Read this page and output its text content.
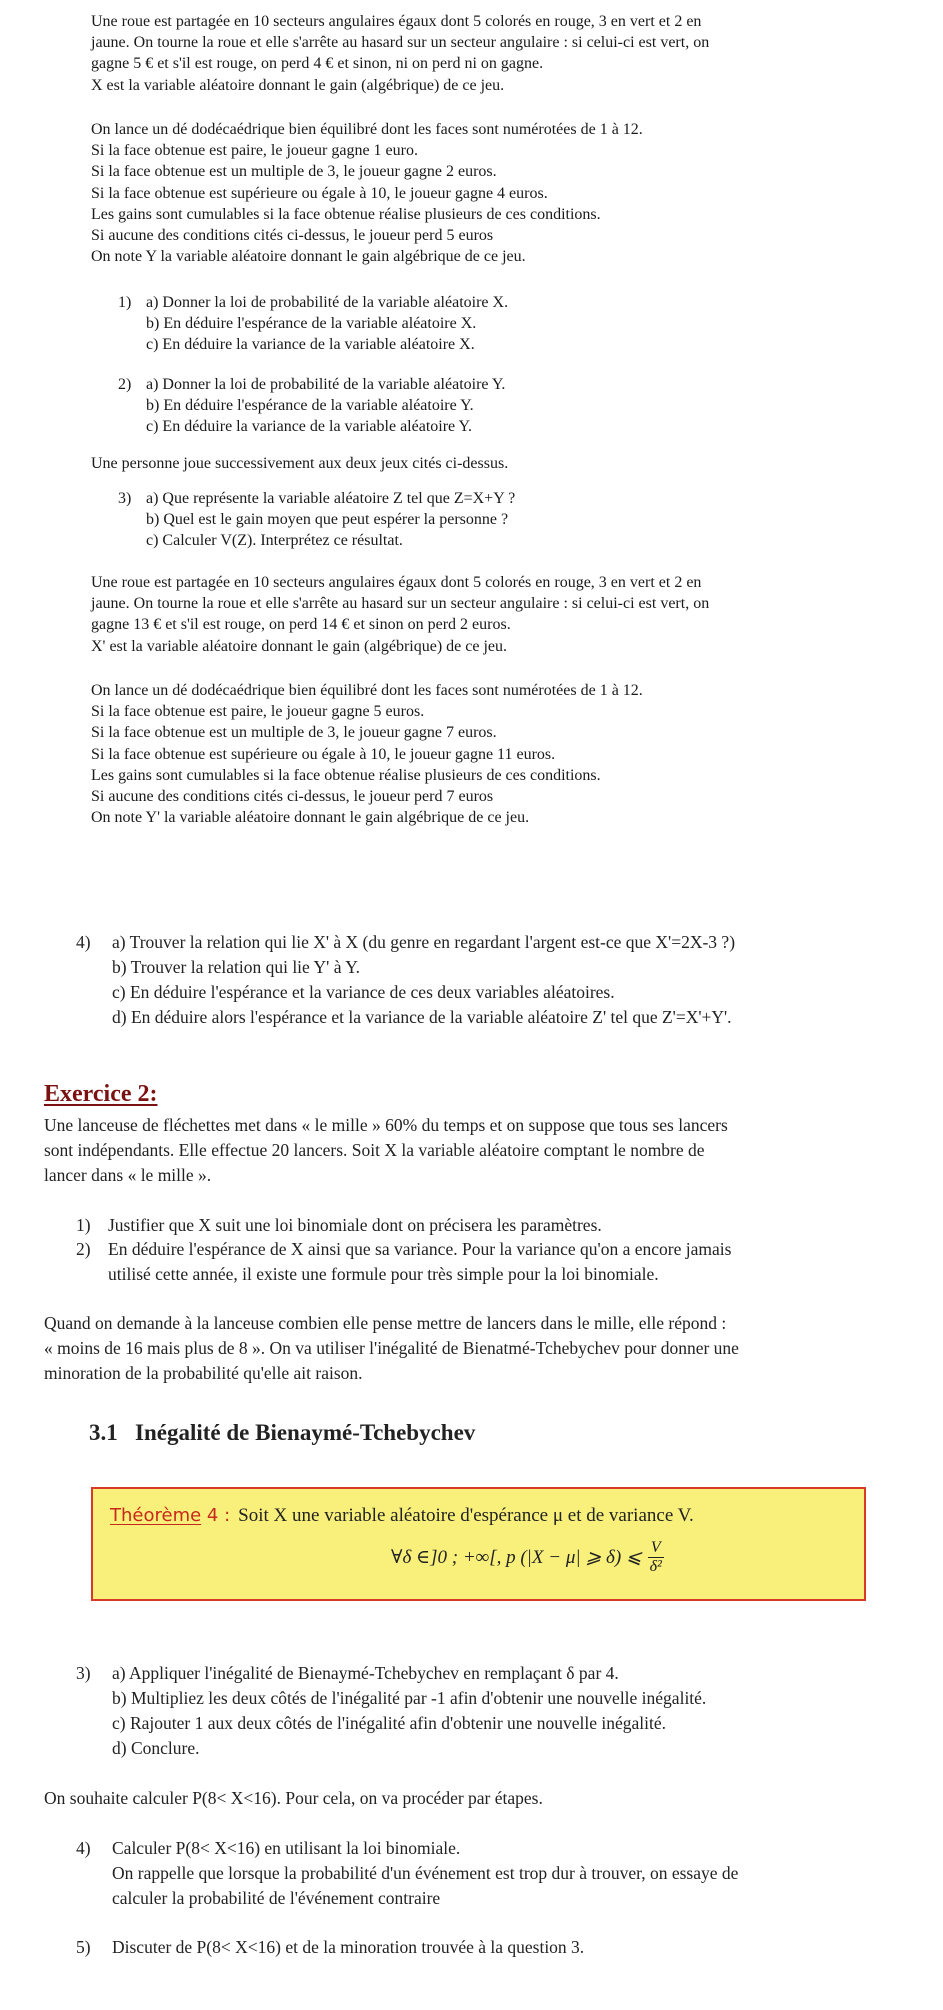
Une roue est partagée en 10 secteurs angulaires égaux dont 5 colorés en rouge, 3 en vert et 2 en
jaune. On tourne la roue et elle s'arrête au hasard sur un secteur angulaire : si celui-ci est vert, on
gagne 5 € et s'il est rouge, on perd 4 € et sinon, ni on perd ni on gagne.
X est la variable aléatoire donnant le gain (algébrique) de ce jeu.
On lance un dé dodécaédrique bien équilibré dont les faces sont numérotées de 1 à 12.
Si la face obtenue est paire, le joueur gagne 1 euro.
Si la face obtenue est un multiple de 3, le joueur gagne 2 euros.
Si la face obtenue est supérieure ou égale à 10, le joueur gagne 4 euros.
Les gains sont cumulables si la face obtenue réalise plusieurs de ces conditions.
Si aucune des conditions cités ci-dessus, le joueur perd 5 euros
On note Y la variable aléatoire donnant le gain algébrique de ce jeu.
1) a) Donner la loi de probabilité de la variable aléatoire X.
b) En déduire l'espérance de la variable aléatoire X.
c) En déduire la variance de la variable aléatoire X.
2) a) Donner la loi de probabilité de la variable aléatoire Y.
b) En déduire l'espérance de la variable aléatoire Y.
c) En déduire la variance de la variable aléatoire Y.
Une personne joue successivement aux deux jeux cités ci-dessus.
3) a) Que représente la variable aléatoire Z tel que Z=X+Y ?
b) Quel est le gain moyen que peut espérer la personne ?
c) Calculer V(Z). Interprétez ce résultat.
Une roue est partagée en 10 secteurs angulaires égaux dont 5 colorés en rouge, 3 en vert et 2 en
jaune. On tourne la roue et elle s'arrête au hasard sur un secteur angulaire : si celui-ci est vert, on
gagne 13 € et s'il est rouge, on perd 14 € et sinon on perd 2 euros.
X' est la variable aléatoire donnant le gain (algébrique) de ce jeu.
On lance un dé dodécaédrique bien équilibré dont les faces sont numérotées de 1 à 12.
Si la face obtenue est paire, le joueur gagne 5 euros.
Si la face obtenue est un multiple de 3, le joueur gagne 7 euros.
Si la face obtenue est supérieure ou égale à 10, le joueur gagne 11 euros.
Les gains sont cumulables si la face obtenue réalise plusieurs de ces conditions.
Si aucune des conditions cités ci-dessus, le joueur perd 7 euros
On note Y' la variable aléatoire donnant le gain algébrique de ce jeu.
4) a) Trouver la relation qui lie X' à X (du genre en regardant l'argent est-ce que X'=2X-3 ?)
b) Trouver la relation qui lie Y' à Y.
c) En déduire l'espérance et la variance de ces deux variables aléatoires.
d) En déduire alors l'espérance et la variance de la variable aléatoire Z' tel que Z'=X'+Y'.
Exercice 2:
Une lanceuse de fléchettes met dans « le mille » 60% du temps et on suppose que tous ses lancers
sont indépendants. Elle effectue 20 lancers. Soit X la variable aléatoire comptant le nombre de
lancer dans « le mille ».
1) Justifier que X suit une loi binomiale dont on précisera les paramètres.
2) En déduire l'espérance de X ainsi que sa variance. Pour la variance qu'on a encore jamais
utilisé cette année, il existe une formule pour très simple pour la loi binomiale.
Quand on demande à la lanceuse combien elle pense mettre de lancers dans le mille, elle répond :
« moins de 16 mais plus de 8 ». On va utiliser l'inégalité de Bienatmé-Tchebychev pour donner une
minoration de la probabilité qu'elle ait raison.
3.1 Inégalité de Bienaymé-Tchebychev
Théorème 4 : Soit X une variable aléatoire d'espérance μ et de variance V.
∀δ ∈]0 ; +∞[, p (|X − μ| ⩾ δ) ⩽ $\frac{V}{\text{δ²}}$
3) a) Appliquer l'inégalité de Bienaymé-Tchebychev en remplaçant δ par 4.
b) Multipliez les deux côtés de l'inégalité par -1 afin d'obtenir une nouvelle inégalité.
c) Rajouter 1 aux deux côtés de l'inégalité afin d'obtenir une nouvelle inégalité.
d) Conclure.
On souhaite calculer P(8< X<16). Pour cela, on va procéder par étapes.
4) Calculer P(8< X<16) en utilisant la loi binomiale.
On rappelle que lorsque la probabilité d'un événement est trop dur à trouver, on essaye de
calculer la probabilité de l'événement contraire
5) Discuter de P(8< X<16) et de la minoration trouvée à la question 3.
